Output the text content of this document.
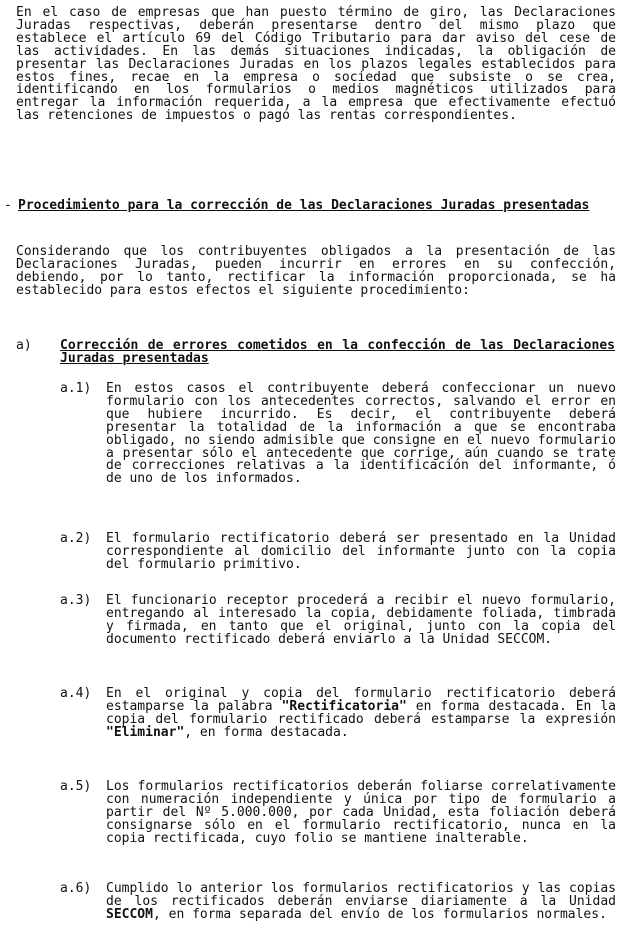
En el caso de empresas que han puesto término de giro, las Declaraciones Juradas respectivas, deberán presentarse dentro del mismo plazo que establece el artículo 69 del Código Tributario para dar aviso del cese de las actividades. En las demás situaciones indicadas, la obligación de presentar las Declaraciones Juradas en los plazos legales establecidos para estos fines, recae en la empresa o sociedad que subsiste o se crea, identificando en los formularios o medios magnéticos utilizados para entregar la información requerida, a la empresa que efectivamente efectuó las retenciones de impuestos o pagó las rentas correspondientes.

- Procedimiento para la corrección de las Declaraciones Juradas presentadas

Considerando que los contribuyentes obligados a la presentación de las Declaraciones Juradas, pueden incurrir en errores en su confección, debiendo, por lo tanto, rectificar la información proporcionada, se ha establecido para estos efectos el siguiente procedimiento:

a) Corrección de errores cometidos en la confección de las Declaraciones Juradas presentadas
a.1) En estos casos el contribuyente deberá confeccionar un nuevo formulario con los antecedentes correctos, salvando el error en que hubiere incurrido. Es decir, el contribuyente deberá presentar la totalidad de la información a que se encontraba obligado, no siendo admisible que consigne en el nuevo formulario a presentar sólo el antecedente que corrige, aún cuando se trate de correcciones relativas a la identificación del informante, ó de uno de los informados.

a.2) El formulario rectificatorio deberá ser presentado en la Unidad correspondiente al domicilio del informante junto con la copia del formulario primitivo.

a.3) El funcionario receptor procederá a recibir el nuevo formulario, entregando al interesado la copia, debidamente foliada, timbrada y firmada, en tanto que el original, junto con la copia del documento rectificado deberá enviarlo a la Unidad SECCOM.

a.4) En el original y copia del formulario rectificatorio deberá estamparse la palabra "Rectificatoria" en forma destacada. En la copia del formulario rectificado deberá estamparse la expresión "Eliminar", en forma destacada.

a.5) Los formularios rectificatorios deberán foliarse correlativamente con numeración independiente y única por tipo de formulario a partir del Nº 5.000.000, por cada Unidad, esta foliación deberá consignarse sólo en el formulario rectificatorio, nunca en la copia rectificada, cuyo folio se mantiene inalterable.

a.6) Cumplido lo anterior los formularios rectificatorios y las copias de los rectificados deberán enviarse diariamente a la Unidad SECCOM, en forma separada del envío de los formularios normales.
